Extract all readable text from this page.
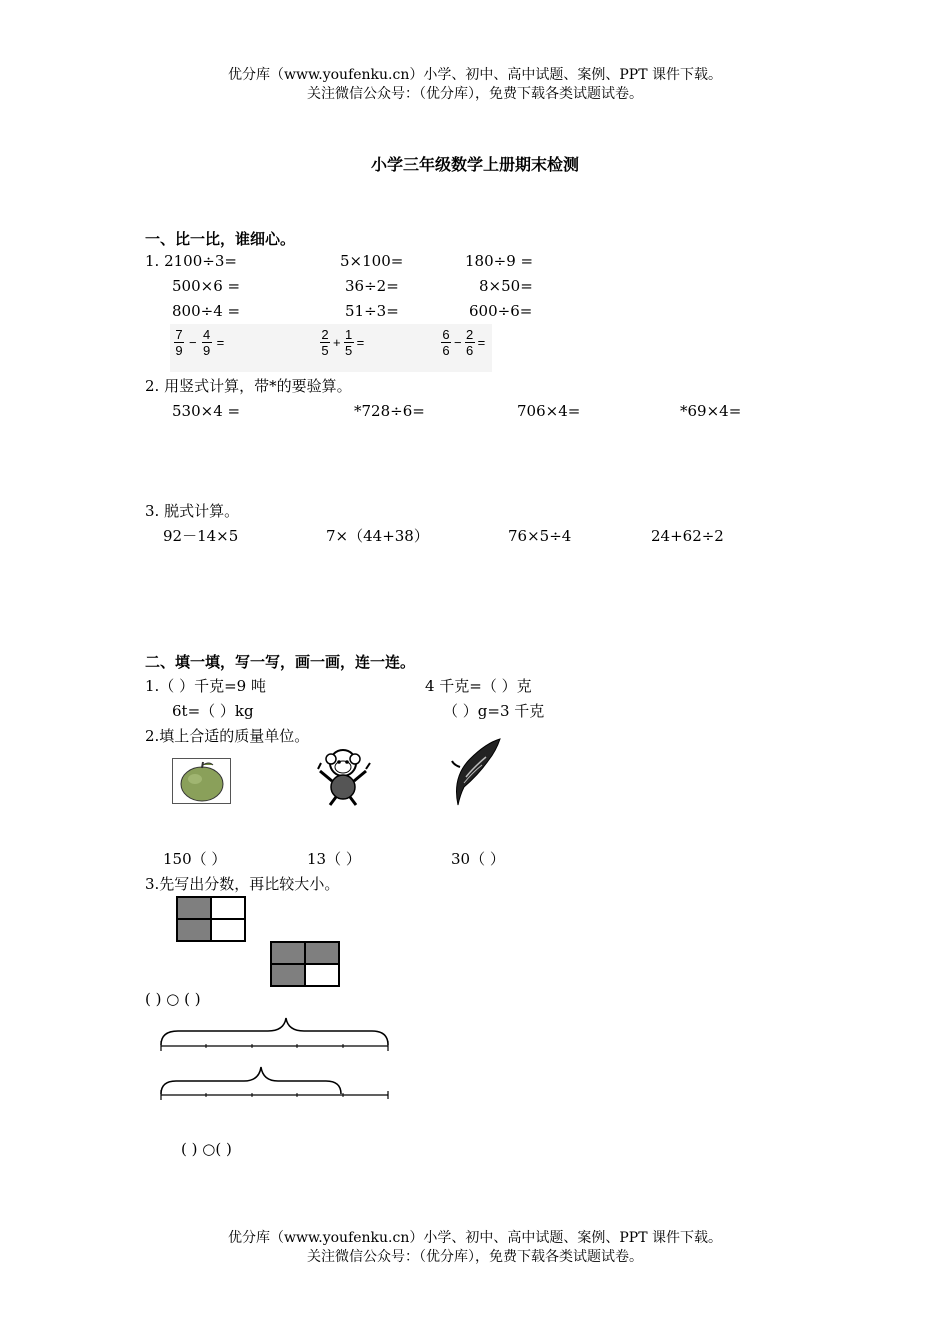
优分库（www.youfenku.cn）小学、初中、高中试题、案例、PPT 课件下载。
关注微信公众号：（优分库），免费下载各类试题试卷。
小学三年级数学上册期末检测
一、比一比，谁细心。
1. 2100÷3=	5×100=	180÷9 =
500×6 =	36÷2=	8×50=
800÷4 =	51÷3=	600÷6=
$\frac{7}{9} - \frac{4}{9}$ =	$\frac{2}{5} + \frac{1}{5}$ =	$\frac{6}{6} - \frac{2}{6}$ =
2. 用竖式计算，带*的要验算。
530×4 =	*728÷6=	706×4=	*69×4=
3. 脱式计算。
92－14×5	7×（44+38）	76×5÷4	24+62÷2
二、填一填，写一写，画一画，连一连。
1.（ ）千克=9 吨	4 千克=（ ）克
6t=（ ）kg	（ ）g=3 千克
2.填上合适的质量单位。
150（ ）	13（ ）	30（ ）
3.先写出分数，再比较大小。
( ) ○ ( )
( ) ○( )
优分库（www.youfenku.cn）小学、初中、高中试题、案例、PPT 课件下载。
关注微信公众号：（优分库），免费下载各类试题试卷。
